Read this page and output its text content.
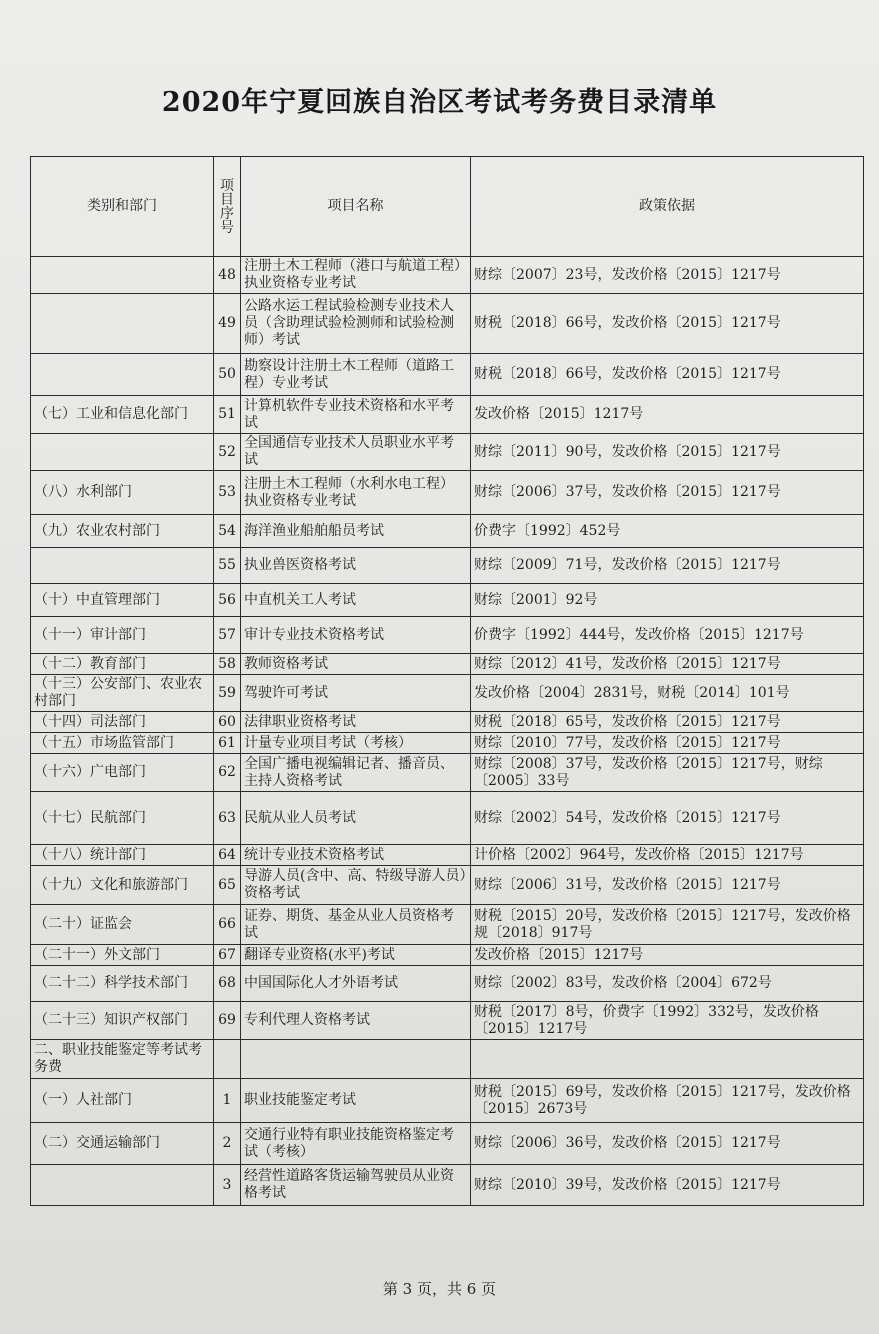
2020年宁夏回族自治区考试考务费目录清单
类别和部门	项目序号	项目名称	政策依据
	48	注册土木工程师（港口与航道工程）执业资格专业考试	财综〔2007〕23号，发改价格〔2015〕1217号
	49	公路水运工程试验检测专业技术人员（含助理试验检测师和试验检测师）考试	财税〔2018〕66号，发改价格〔2015〕1217号
	50	勘察设计注册土木工程师（道路工程）专业考试	财税〔2018〕66号，发改价格〔2015〕1217号
（七）工业和信息化部门	51	计算机软件专业技术资格和水平考试	发改价格〔2015〕1217号
	52	全国通信专业技术人员职业水平考试	财综〔2011〕90号，发改价格〔2015〕1217号
（八）水利部门	53	注册土木工程师（水利水电工程）执业资格专业考试	财综〔2006〕37号，发改价格〔2015〕1217号
（九）农业农村部门	54	海洋渔业船舶船员考试	价费字〔1992〕452号
	55	执业兽医资格考试	财综〔2009〕71号，发改价格〔2015〕1217号
（十）中直管理部门	56	中直机关工人考试	财综〔2001〕92号
（十一）审计部门	57	审计专业技术资格考试	价费字〔1992〕444号，发改价格〔2015〕1217号
（十二）教育部门	58	教师资格考试	财综〔2012〕41号，发改价格〔2015〕1217号
（十三）公安部门、农业农村部门	59	驾驶许可考试	发改价格〔2004〕2831号，财税〔2014〕101号
（十四）司法部门	60	法律职业资格考试	财税〔2018〕65号，发改价格〔2015〕1217号
（十五）市场监管部门	61	计量专业项目考试（考核）	财综〔2010〕77号，发改价格〔2015〕1217号
（十六）广电部门	62	全国广播电视编辑记者、播音员、主持人资格考试	财综〔2008〕37号，发改价格〔2015〕1217号，财综〔2005〕33号
（十七）民航部门	63	民航从业人员考试	财综〔2002〕54号，发改价格〔2015〕1217号
（十八）统计部门	64	统计专业技术资格考试	计价格〔2002〕964号，发改价格〔2015〕1217号
（十九）文化和旅游部门	65	导游人员(含中、高、特级导游人员）资格考试	财综〔2006〕31号，发改价格〔2015〕1217号
（二十）证监会	66	证券、期货、基金从业人员资格考试	财税〔2015〕20号，发改价格〔2015〕1217号，发改价格规〔2018〕917号
（二十一）外文部门	67	翻译专业资格(水平)考试	发改价格〔2015〕1217号
（二十二）科学技术部门	68	中国国际化人才外语考试	财综〔2002〕83号，发改价格〔2004〕672号
（二十三）知识产权部门	69	专利代理人资格考试	财税〔2017〕8号，价费字〔1992〕332号，发改价格〔2015〕1217号
二、职业技能鉴定等考试考务费			
（一）人社部门	1	职业技能鉴定考试	财税〔2015〕69号，发改价格〔2015〕1217号，发改价格〔2015〕2673号
（二）交通运输部门	2	交通行业特有职业技能资格鉴定考试（考核）	财综〔2006〕36号，发改价格〔2015〕1217号
	3	经营性道路客货运输驾驶员从业资格考试	财综〔2010〕39号，发改价格〔2015〕1217号
第 3 页，共 6 页
